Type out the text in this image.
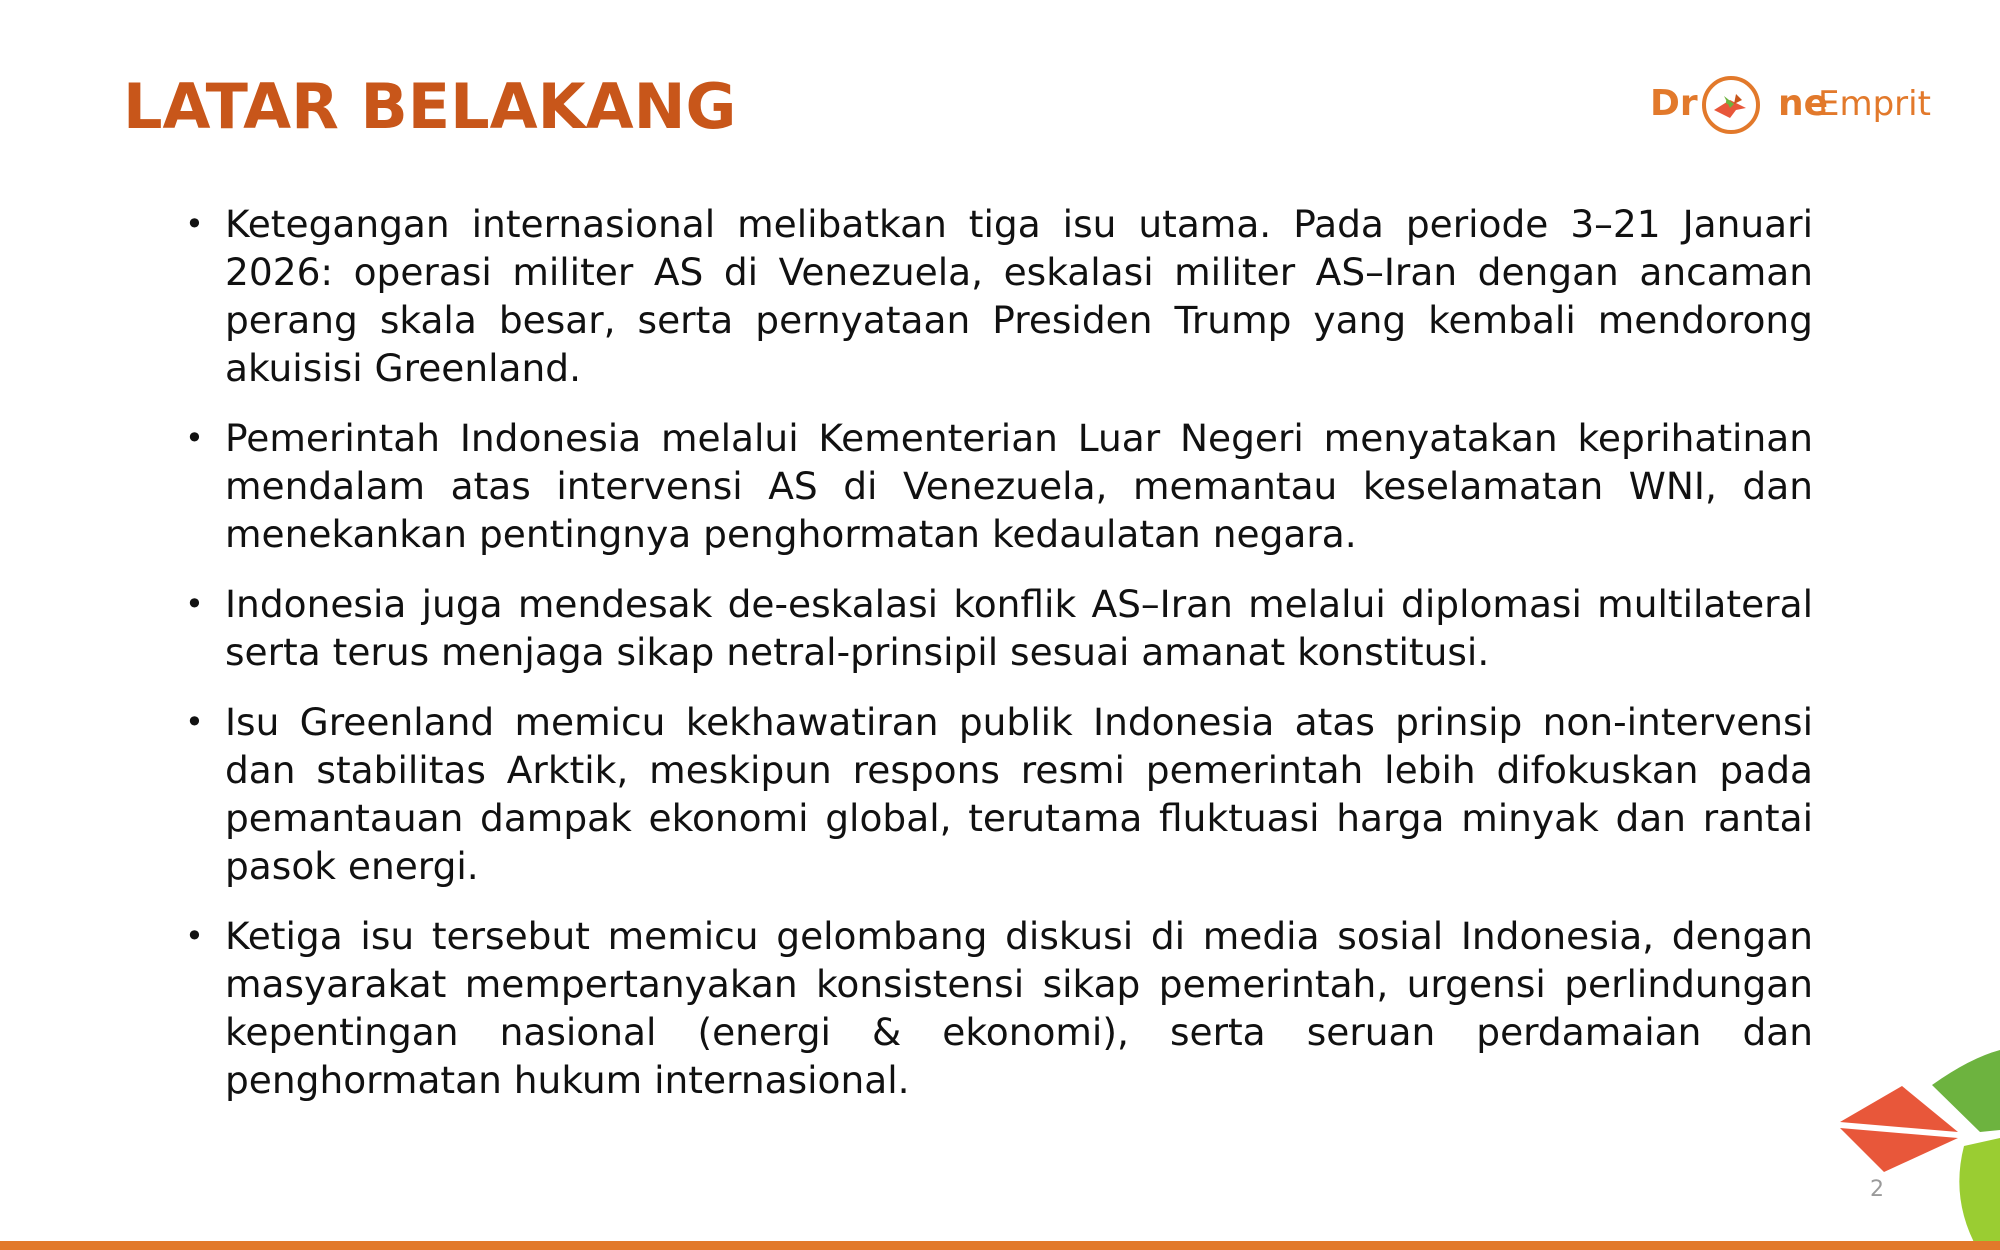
LATAR BELAKANG	Dr ne
Emprit
• Ketegangan internasional melibatkan tiga isu utama. Pada periode 3–21 Januari 2026: operasi militer AS di Venezuela, eskalasi militer AS–Iran dengan ancaman perang skala besar, serta pernyataan Presiden Trump yang kembali mendorong akuisisi Greenland.
• Pemerintah Indonesia melalui Kementerian Luar Negeri menyatakan keprihatinan mendalam atas intervensi AS di Venezuela, memantau keselamatan WNI, dan menekankan pentingnya penghormatan kedaulatan negara.
• Indonesia juga mendesak de-eskalasi konflik AS–Iran melalui diplomasi multilateral serta terus menjaga sikap netral-prinsipil sesuai amanat konstitusi.
• Isu Greenland memicu kekhawatiran publik Indonesia atas prinsip non-intervensi dan stabilitas Arktik, meskipun respons resmi pemerintah lebih difokuskan pada pemantauan dampak ekonomi global, terutama fluktuasi harga minyak dan rantai pasok energi.
• Ketiga isu tersebut memicu gelombang diskusi di media sosial Indonesia, dengan masyarakat mempertanyakan konsistensi sikap pemerintah, urgensi perlindungan kepentingan nasional (energi & ekonomi), serta seruan perdamaian dan penghormatan hukum internasional.
2
